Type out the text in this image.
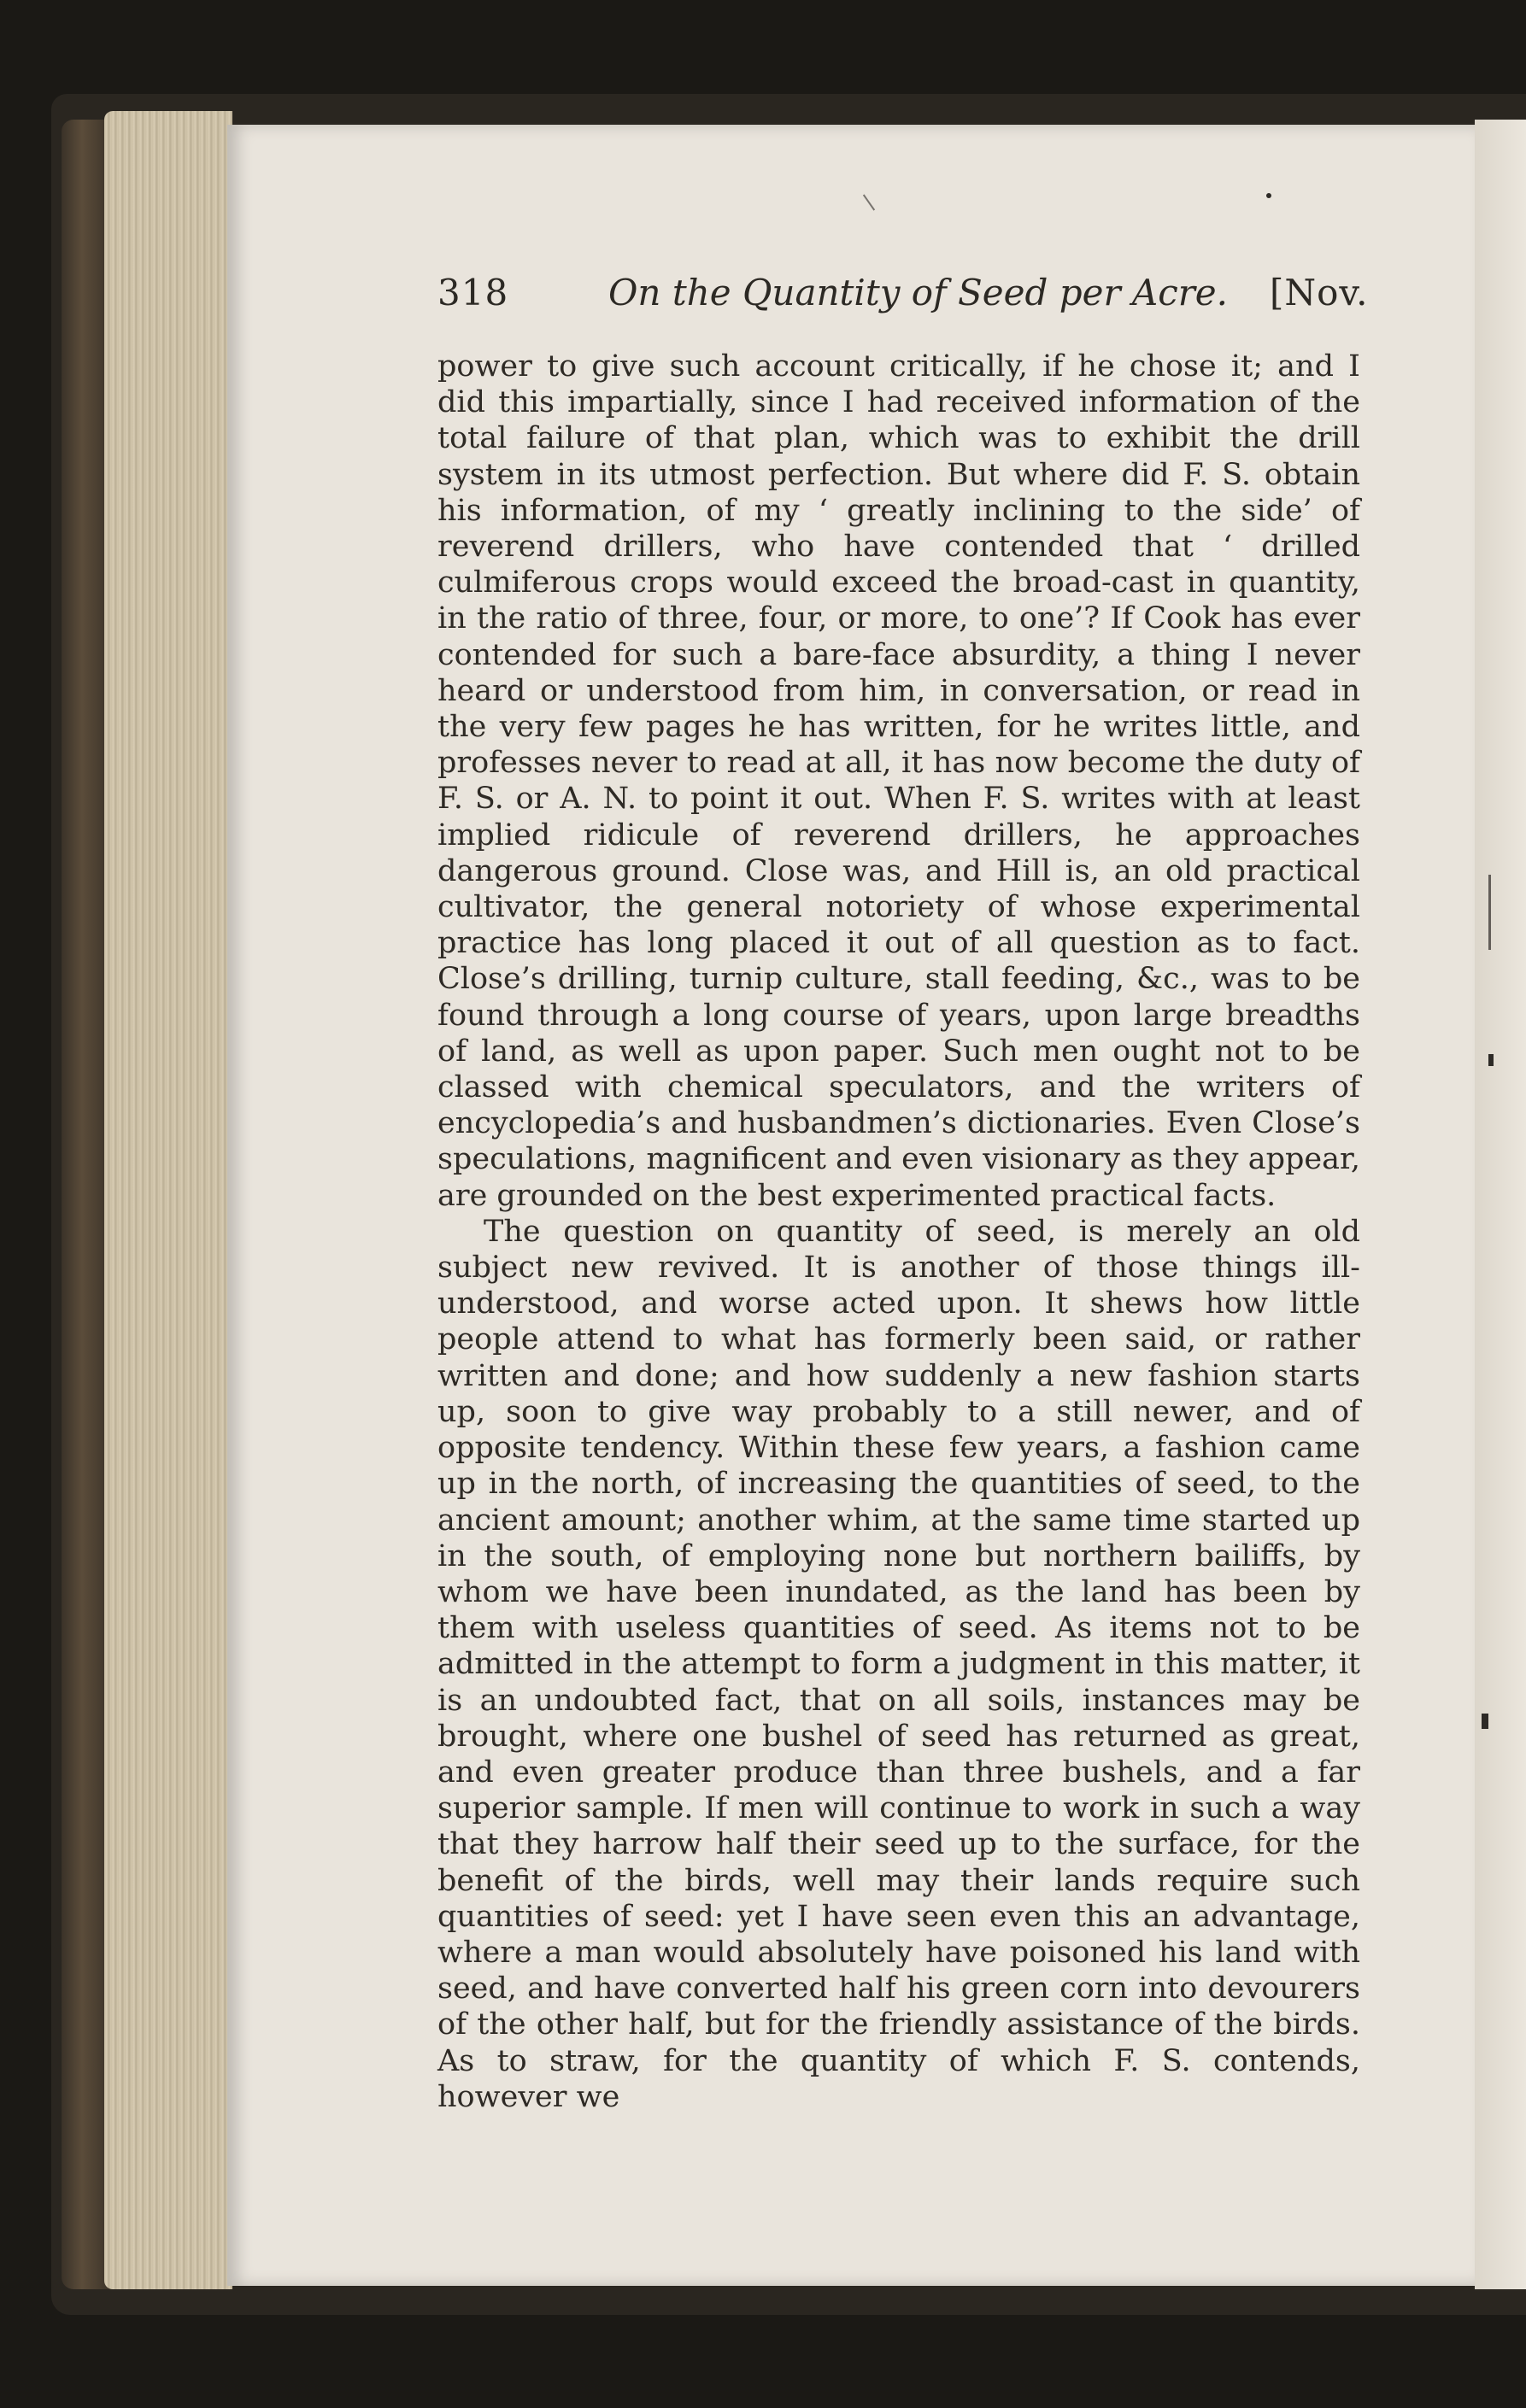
318	On the Quantity of Seed per Acre. [Nov.

power to give such account critically, if he chose it; and I did this impartially, since I had received information of the total failure of that plan, which was to exhibit the drill system in its utmost perfection. But where did F. S. obtain his information, of my ‘ greatly inclining to the side’ of reverend drillers, who have contended that ‘ drilled culmiferous crops would exceed the broad-cast in quantity, in the ratio of three, four, or more, to one’? If Cook has ever contended for such a bare-face absurdity, a thing I never heard or understood from him, in conversation, or read in the very few pages he has written, for he writes little, and professes never to read at all, it has now become the duty of F. S. or A. N. to point it out. When F. S. writes with at least implied ridicule of reverend drillers, he approaches dangerous ground. Close was, and Hill is, an old practical cultivator, the general notoriety of whose experimental practice has long placed it out of all question as to fact. Close’s drilling, turnip culture, stall feeding, &c., was to be found through a long course of years, upon large breadths of land, as well as upon paper. Such men ought not to be classed with chemical speculators, and the writers of encyclopedia’s and husbandmen’s dictionaries. Even Close’s speculations, magnificent and even visionary as they appear, are grounded on the best experimented practical facts.

The question on quantity of seed, is merely an old subject new revived. It is another of those things ill-understood, and worse acted upon. It shews how little people attend to what has formerly been said, or rather written and done; and how suddenly a new fashion starts up, soon to give way probably to a still newer, and of opposite tendency. Within these few years, a fashion came up in the north, of increasing the quantities of seed, to the ancient amount; another whim, at the same time started up in the south, of employing none but northern bailiffs, by whom we have been inundated, as the land has been by them with useless quantities of seed. As items not to be admitted in the attempt to form a judgment in this matter, it is an undoubted fact, that on all soils, instances may be brought, where one bushel of seed has returned as great, and even greater produce than three bushels, and a far superior sample. If men will continue to work in such a way that they harrow half their seed up to the surface, for the benefit of the birds, well may their lands require such quantities of seed: yet I have seen even this an advantage, where a man would absolutely have poisoned his land with seed, and have converted half his green corn into devourers of the other half, but for the friendly assistance of the birds. As to straw, for the quantity of which F. S. contends, however we
